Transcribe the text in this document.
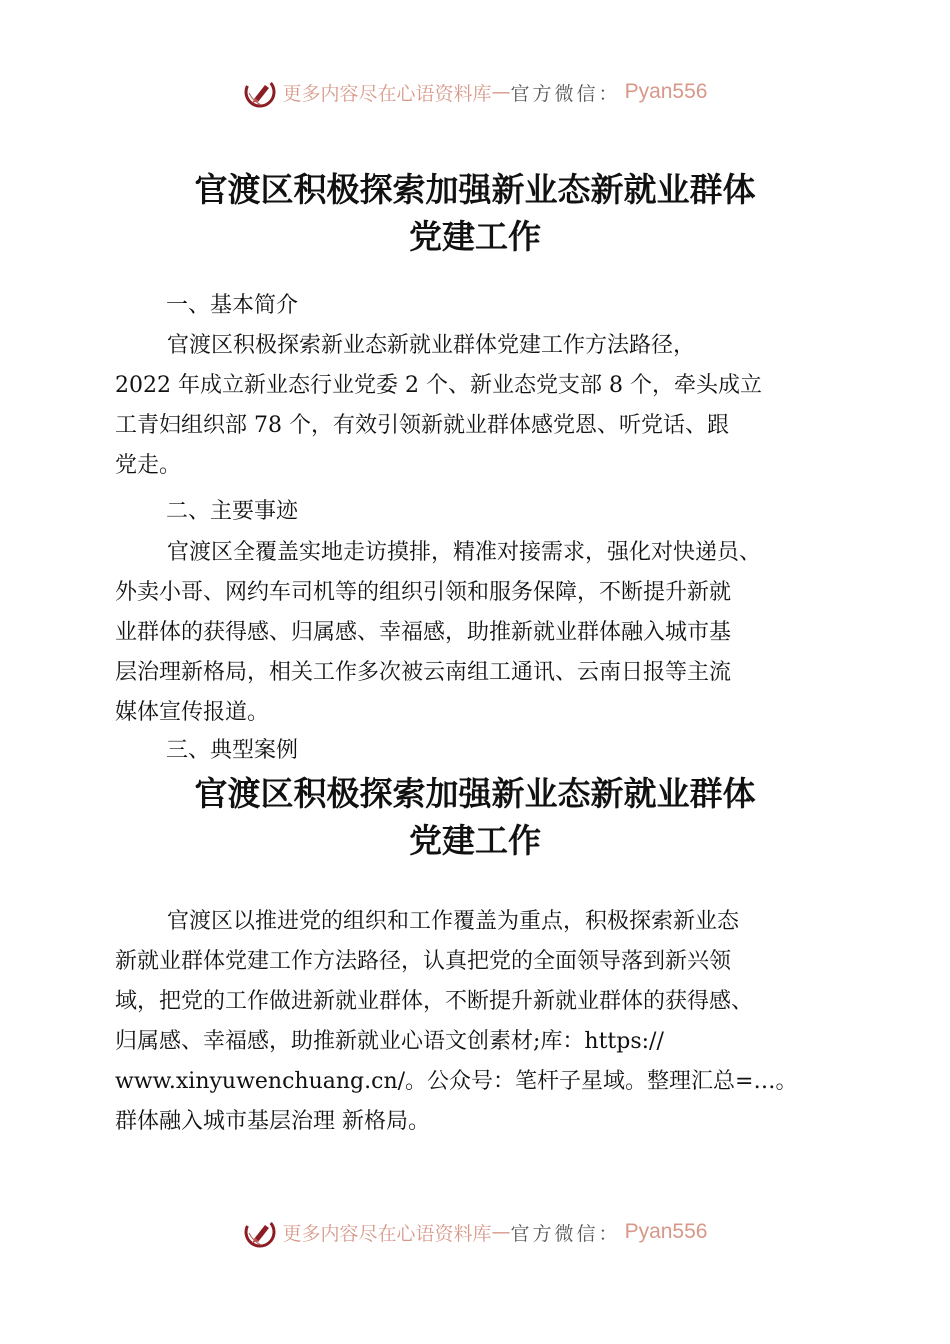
更多内容尽在心语资料库 — 官方微信： Pyan556
官渡区积极探索加强新业态新就业群体
党建工作
一、基本简介
官渡区积极探索新业态新就业群体党建工作方法路径，
2022 年成立新业态行业党委 2 个、新业态党支部 8 个，牵头成立
工青妇组织部 78 个，有效引领新就业群体感党恩、听党话、跟
党走。
二、主要事迹
官渡区全覆盖实地走访摸排，精准对接需求，强化对快递员、
外卖小哥、网约车司机等的组织引领和服务保障，不断提升新就
业群体的获得感、归属感、幸福感，助推新就业群体融入城市基
层治理新格局，相关工作多次被云南组工通讯、云南日报等主流
媒体宣传报道。
三、典型案例
官渡区积极探索加强新业态新就业群体
党建工作
官渡区以推进党的组织和工作覆盖为重点，积极探索新业态
新就业群体党建工作方法路径，认真把党的全面领导落到新兴领
域，把党的工作做进新就业群体，不断提升新就业群体的获得感、
归属感、幸福感，助推新就业心语文创素材;库：https://
www.xinyuwenchuang.cn/。公众号：笔杆子星域。整理汇总=…。
群体融入城市基层治理 新格局。
更多内容尽在心语资料库 — 官方微信： Pyan556
